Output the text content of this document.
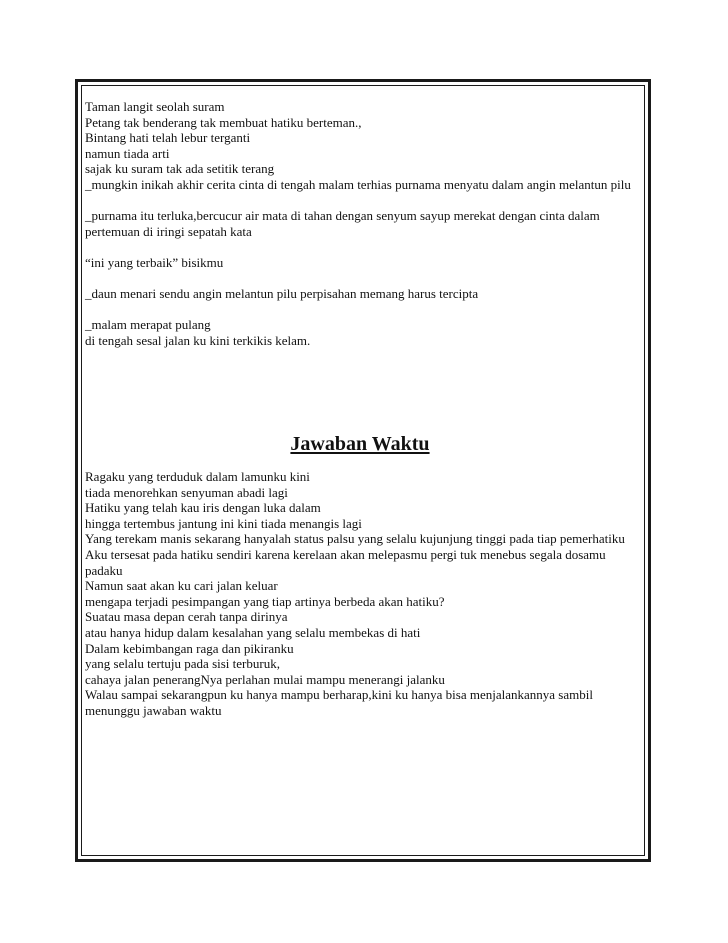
Taman langit seolah suram
Petang tak benderang tak membuat hatiku berteman.,
Bintang hati telah lebur terganti
namun tiada arti
sajak ku suram tak ada setitik terang
_mungkin inikah akhir cerita cinta di tengah malam terhias purnama menyatu dalam angin melantun pilu
_purnama itu terluka,bercucur air mata di tahan dengan senyum sayup merekat dengan cinta dalam pertemuan di iringi sepatah kata
“ini yang terbaik” bisikmu
_daun menari sendu angin melantun pilu perpisahan memang harus tercipta
_malam merapat pulang
di tengah sesal jalan ku kini terkikis kelam.
Jawaban Waktu
Ragaku yang terduduk dalam lamunku kini
tiada menorehkan senyuman abadi lagi
Hatiku yang telah kau iris dengan luka dalam
hingga tertembus jantung ini kini tiada menangis lagi
Yang terekam manis sekarang hanyalah status palsu yang selalu kujunjung tinggi pada tiap pemerhatiku
Aku tersesat pada hatiku sendiri karena kerelaan akan melepasmu pergi tuk menebus segala dosamu padaku
Namun saat akan ku cari jalan keluar
mengapa terjadi pesimpangan yang tiap artinya berbeda akan hatiku?
Suatau masa depan cerah tanpa dirinya
atau hanya hidup dalam kesalahan yang selalu membekas di hati
Dalam kebimbangan raga dan pikiranku
yang selalu tertuju pada sisi terburuk,
cahaya jalan penerangNya perlahan mulai mampu menerangi jalanku
Walau sampai sekarangpun ku hanya mampu berharap,kini ku hanya bisa menjalankannya sambil menunggu jawaban waktu
